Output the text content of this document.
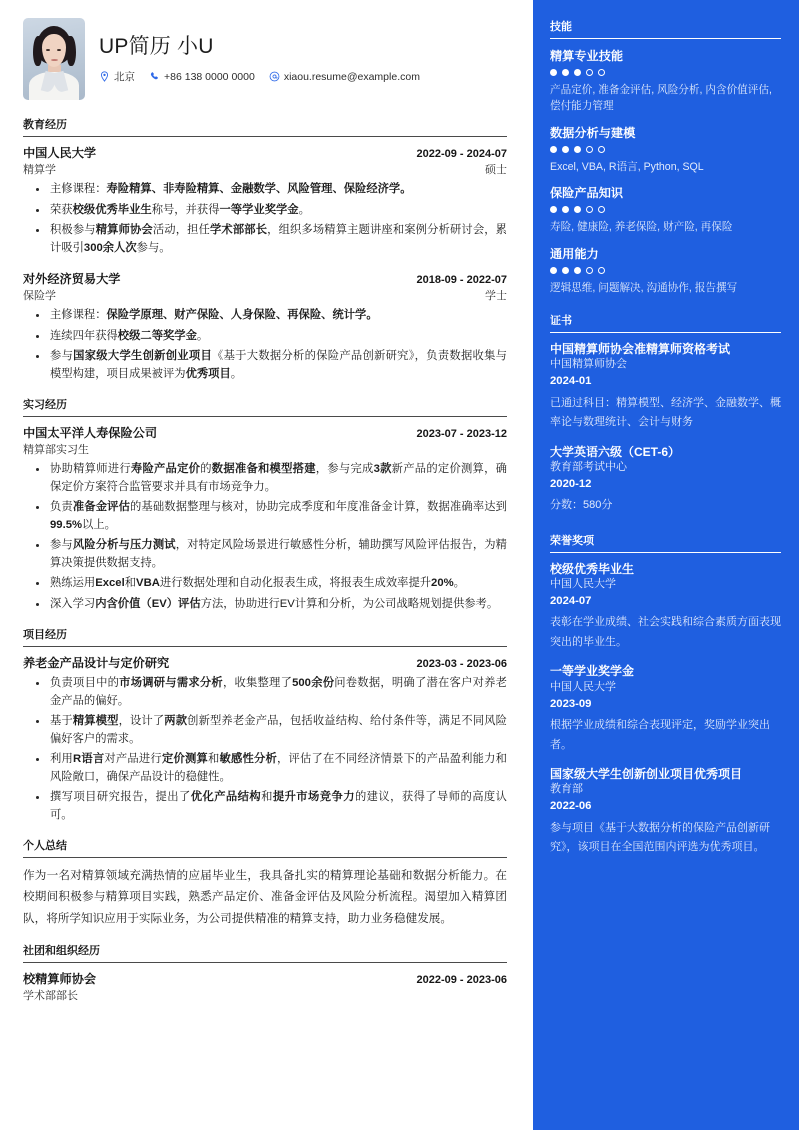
UP简历 小U
北京	+86 138 0000 0000	xiaou.resume@example.com
教育经历
中国人民大学	2022-09 - 2024-07
精算学	硕士
主修课程：寿险精算、非寿险精算、金融数学、风险管理、保险经济学。
荣获校级优秀毕业生称号，并获得一等学业奖学金。
积极参与精算师协会活动，担任学术部部长，组织多场精算主题讲座和案例分析研讨会，累计吸引300余人次参与。
对外经济贸易大学	2018-09 - 2022-07
保险学	学士
主修课程：保险学原理、财产保险、人身保险、再保险、统计学。
连续四年获得校级二等奖学金。
参与国家级大学生创新创业项目《基于大数据分析的保险产品创新研究》，负责数据收集与模型构建，项目成果被评为优秀项目。
实习经历
中国太平洋人寿保险公司	2023-07 - 2023-12
精算部实习生
协助精算师进行寿险产品定价的数据准备和模型搭建，参与完成3款新产品的定价测算，确保定价方案符合监管要求并具有市场竞争力。
负责准备金评估的基础数据整理与核对，协助完成季度和年度准备金计算，数据准确率达到99.5%以上。
参与风险分析与压力测试，对特定风险场景进行敏感性分析，辅助撰写风险评估报告，为精算决策提供数据支持。
熟练运用Excel和VBA进行数据处理和自动化报表生成，将报表生成效率提升20%。
深入学习内含价值（EV）评估方法，协助进行EV计算和分析，为公司战略规划提供参考。
项目经历
养老金产品设计与定价研究	2023-03 - 2023-06
负责项目中的市场调研与需求分析，收集整理了500余份问卷数据，明确了潜在客户对养老金产品的偏好。
基于精算模型，设计了两款创新型养老金产品，包括收益结构、给付条件等，满足不同风险偏好客户的需求。
利用R语言对产品进行定价测算和敏感性分析，评估了在不同经济情景下的产品盈利能力和风险敞口，确保产品设计的稳健性。
撰写项目研究报告，提出了优化产品结构和提升市场竞争力的建议，获得了导师的高度认可。
个人总结
作为一名对精算领域充满热情的应届毕业生，我具备扎实的精算理论基础和数据分析能力。在校期间积极参与精算项目实践，熟悉产品定价、准备金评估及风险分析流程。渴望加入精算团队，将所学知识应用于实际业务，为公司提供精准的精算支持，助力业务稳健发展。
社团和组织经历
校精算师协会	2022-09 - 2023-06
学术部部长
技能
精算专业技能
产品定价, 准备金评估, 风险分析, 内含价值评估, 偿付能力管理
数据分析与建模
Excel, VBA, R语言, Python, SQL
保险产品知识
寿险, 健康险, 养老保险, 财产险, 再保险
通用能力
逻辑思维, 问题解决, 沟通协作, 报告撰写
证书
中国精算师协会准精算师资格考试
中国精算师协会
2024-01
已通过科目：精算模型、经济学、金融数学、概率论与数理统计、会计与财务
大学英语六级（CET-6）
教育部考试中心
2020-12
分数：580分
荣誉奖项
校级优秀毕业生
中国人民大学
2024-07
表彰在学业成绩、社会实践和综合素质方面表现突出的毕业生。
一等学业奖学金
中国人民大学
2023-09
根据学业成绩和综合表现评定，奖励学业突出者。
国家级大学生创新创业项目优秀项目
教育部
2022-06
参与项目《基于大数据分析的保险产品创新研究》，该项目在全国范围内评选为优秀项目。
